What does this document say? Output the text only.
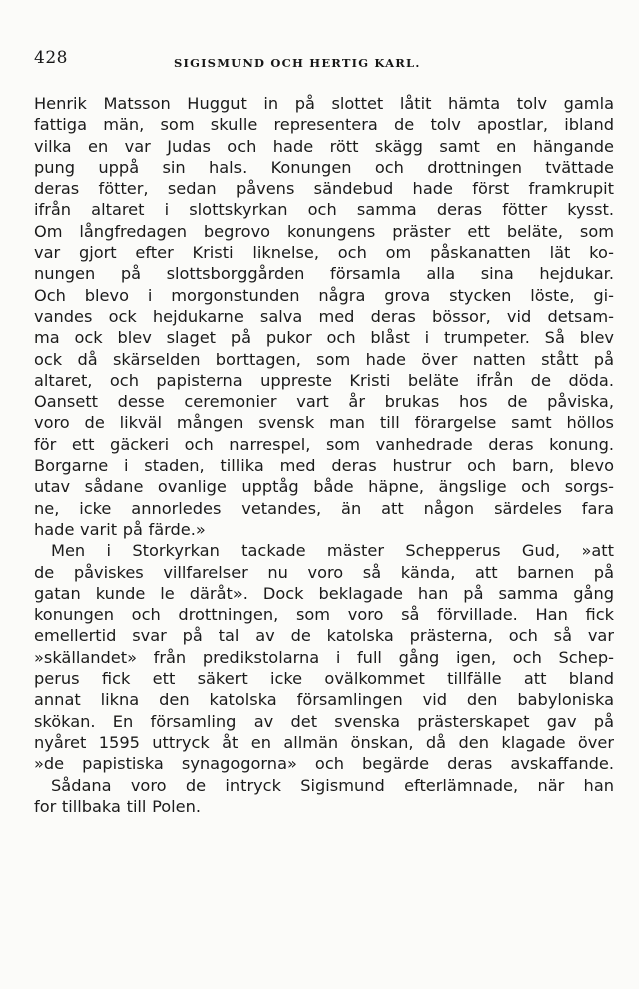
428	SIGISMUND OCH HERTIG KARL.
Henrik Matsson Huggut in på slottet låtit hämta tolv gamla
fattiga män, som skulle representera de tolv apostlar, ibland
vilka en var Judas och hade rött skägg samt en hängande
pung uppå sin hals. Konungen och drottningen tvättade
deras fötter, sedan påvens sändebud hade först framkrupit
ifrån altaret i slottskyrkan och samma deras fötter kysst.
Om långfredagen begrovo konungens präster ett beläte, som
var gjort efter Kristi liknelse, och om påskanatten lät ko-
nungen på slottsborggården församla alla sina hejdukar.
Och blevo i morgonstunden några grova stycken löste, gi-
vandes ock hejdukarne salva med deras bössor, vid detsam-
ma ock blev slaget på pukor och blåst i trumpeter. Så blev
ock då skärselden borttagen, som hade över natten stått på
altaret, och papisterna uppreste Kristi beläte ifrån de döda.
Oansett desse ceremonier vart år brukas hos de påviska,
voro de likväl mången svensk man till förargelse samt höllos
för ett gäckeri och narrespel, som vanhedrade deras konung.
Borgarne i staden, tillika med deras hustrur och barn, blevo
utav sådane ovanlige upptåg både häpne, ängslige och sorgs-
ne, icke annorledes vetandes, än att någon särdeles fara
hade varit på färde.»
Men i Storkyrkan tackade mäster Schepperus Gud, »att
de påviskes villfarelser nu voro så kända, att barnen på
gatan kunde le däråt». Dock beklagade han på samma gång
konungen och drottningen, som voro så förvillade. Han fick
emellertid svar på tal av de katolska prästerna, och så var
»skällandet» från predikstolarna i full gång igen, och Schep-
perus fick ett säkert icke ovälkommet tillfälle att bland
annat likna den katolska församlingen vid den babyloniska
skökan. En församling av det svenska prästerskapet gav på
nyåret 1595 uttryck åt en allmän önskan, då den klagade över
»de papistiska synagogorna» och begärde deras avskaffande.
Sådana voro de intryck Sigismund efterlämnade, när han
for tillbaka till Polen.
